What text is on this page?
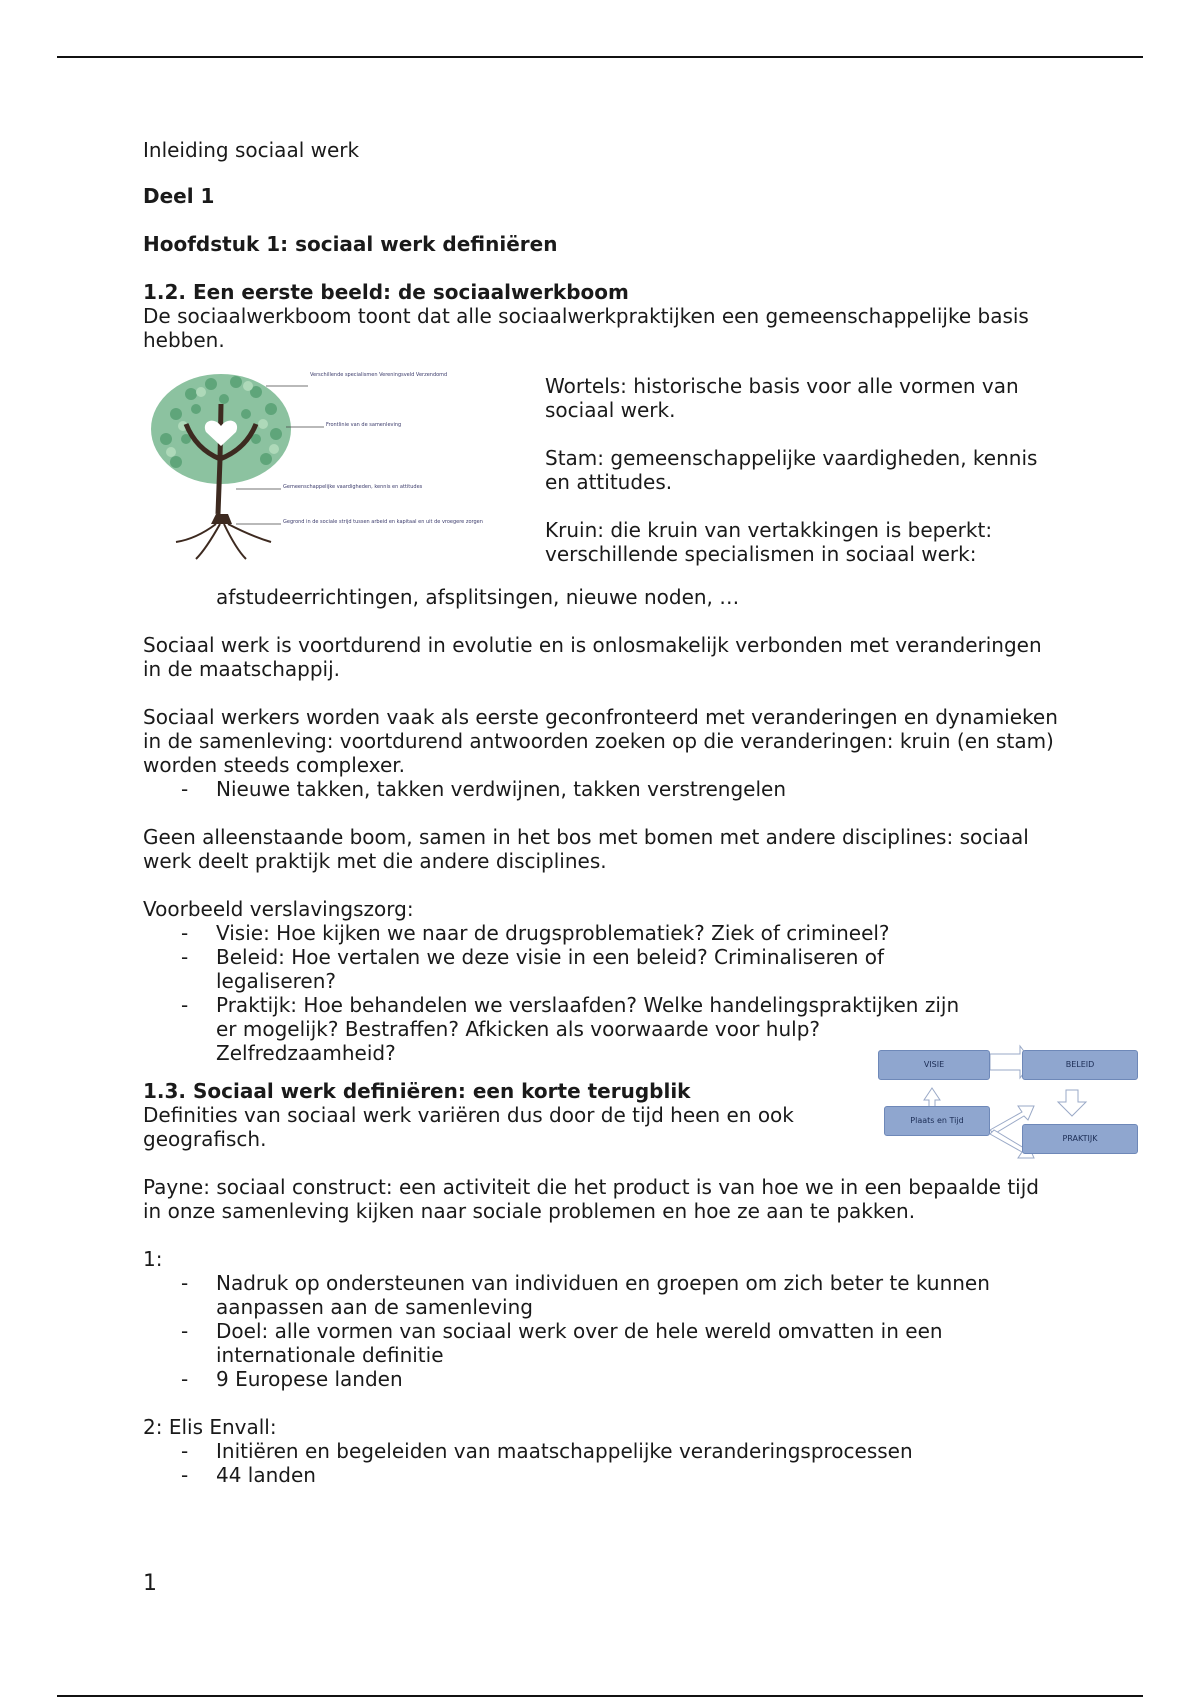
Inleiding sociaal werk

Deel 1

Hoofdstuk 1: sociaal werk definiëren

1.2. Een eerste beeld: de sociaalwerkboom

De sociaalwerkboom toont dat alle sociaalwerkpraktijken een gemeenschappelijke basis hebben.

Verschillende specialismen Vereningsveld Verzendomd
Frontlinie van de samenleving
Gemeenschappelijke vaardigheden, kennis en attitudes
Gegrond in de sociale strijd tussen arbeid en kapitaal en uit de vroegere zorgen

Wortels: historische basis voor alle vormen van sociaal werk.

Stam: gemeenschappelijke vaardigheden, kennis en attitudes.

Kruin: die kruin van vertakkingen is beperkt: verschillende specialismen in sociaal werk:

afstudeerrichtingen, afsplitsingen, nieuwe noden, …

Sociaal werk is voortdurend in evolutie en is onlosmakelijk verbonden met veranderingen in de maatschappij.

Sociaal werkers worden vaak als eerste geconfronteerd met veranderingen en dynamieken in de samenleving: voortdurend antwoorden zoeken op die veranderingen: kruin (en stam) worden steeds complexer.

- Nieuwe takken, takken verdwijnen, takken verstrengelen

Geen alleenstaande boom, samen in het bos met bomen met andere disciplines: sociaal werk deelt praktijk met die andere disciplines.

Voorbeeld verslavingszorg:

- Visie: Hoe kijken we naar de drugsproblematiek? Ziek of crimineel?
- Beleid: Hoe vertalen we deze visie in een beleid? Criminaliseren of legaliseren?
- Praktijk: Hoe behandelen we verslaafden? Welke handelingspraktijken zijn er mogelijk? Bestraffen? Afkicken als voorwaarde voor hulp? Zelfredzaamheid?

1.3. Sociaal werk definiëren: een korte terugblik

Definities van sociaal werk variëren dus door de tijd heen en ook geografisch.

Payne: sociaal construct: een activiteit die het product is van hoe we in een bepaalde tijd in onze samenleving kijken naar sociale problemen en hoe ze aan te pakken.

1:

- Nadruk op ondersteunen van individuen en groepen om zich beter te kunnen aanpassen aan de samenleving
- Doel: alle vormen van sociaal werk over de hele wereld omvatten in een internationale definitie
- 9 Europese landen

2: Elis Envall:

- Initiëren en begeleiden van maatschappelijke veranderingsprocessen
- 44 landen
VISIE	BELEID
Plaats en Tijd
PRAKTIJK
1
